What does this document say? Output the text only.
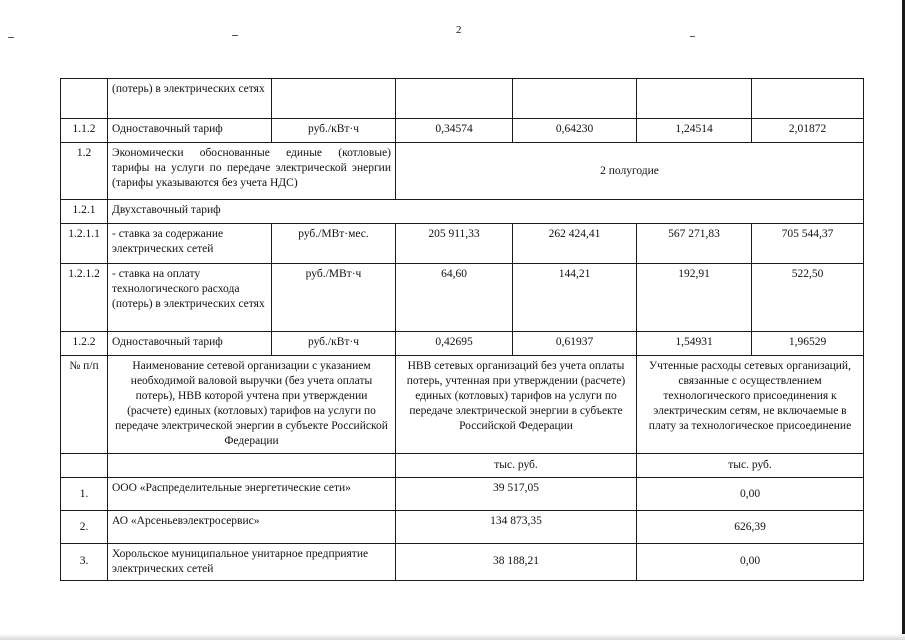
2
	(потерь) в электрических сетях					
1.1.2	Одноставочный тариф	руб./кВт·ч	0,34574	0,64230	1,24514	2,01872
1.2	Экономически обоснованные единые (котловые) тарифы на услуги по передаче электрической энергии (тарифы указываются без учета НДС)		2 полугодие			
1.2.1	Двухставочный тариф					
1.2.1.1	- ставка за содержание электрических сетей	руб./МВт·мес.	205 911,33	262 424,41	567 271,83	705 544,37
1.2.1.2	- ставка на оплату технологического расхода (потерь) в электрических сетях	руб./МВт·ч	64,60	144,21	192,91	522,50
1.2.2	Одноставочный тариф	руб./кВт·ч	0,42695	0,61937	1,54931	1,96529
№ п/п	Наименование сетевой организации с указанием необходимой валовой выручки (без учета оплаты потерь), НВВ которой учтена при утверждении (расчете) единых (котловых) тарифов на услуги по передаче электрической энергии в субъекте Российской Федерации		НВВ сетевых организаций без учета оплаты потерь, учтенная при утверждении (расчете) единых (котловых) тарифов на услуги по передаче электрической энергии в субъекте Российской Федерации		Учтенные расходы сетевых организаций, связанные с осуществлением технологического присоединения к электрическим сетям, не включаемые в плату за технологическое присоединение	
			тыс. руб.		тыс. руб.	
1.	ООО «Распределительные энергетические сети»		39 517,05		0,00	
2.	АО «Арсеньевэлектросервис»		134 873,35		626,39	
3.	Хорольское муниципальное унитарное предприятие электрических сетей		38 188,21		0,00	
